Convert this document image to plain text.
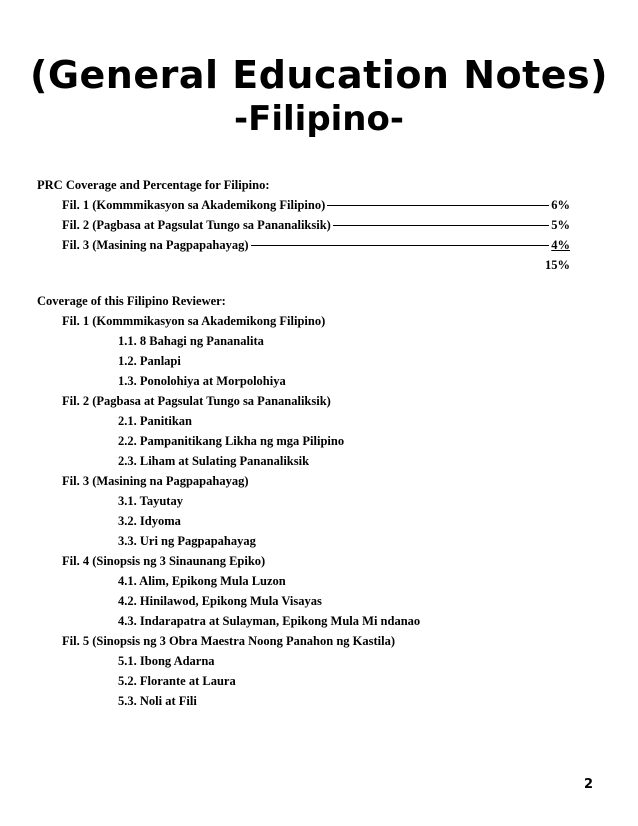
(General Education Notes)
-Filipino-
PRC Coverage and Percentage for Filipino:
Fil. 1 (Kommmikasyon sa Akademikong Filipino)	6%
Fil. 2 (Pagbasa at Pagsulat Tungo sa Pananaliksik)	5%
Fil. 3 (Masining na Pagpapahayag)	4%
15%
Coverage of this Filipino Reviewer:
Fil. 1 (Kommmikasyon sa Akademikong Filipino)
1.1. 8 Bahagi ng Pananalita
1.2. Panlapi
1.3. Ponolohiya at Morpolohiya
Fil. 2 (Pagbasa at Pagsulat Tungo sa Pananaliksik)
2.1. Panitikan
2.2. Pampanitikang Likha ng mga Pilipino
2.3. Liham at Sulating Pananaliksik
Fil. 3 (Masining na Pagpapahayag)
3.1. Tayutay
3.2. Idyoma
3.3. Uri ng Pagpapahayag
Fil. 4 (Sinopsis ng 3 Sinaunang Epiko)
4.1. Alim, Epikong Mula Luzon
4.2. Hinilawod, Epikong Mula Visayas
4.3. Indarapatra at Sulayman, Epikong Mula Mi ndanao
Fil. 5 (Sinopsis ng 3 Obra Maestra Noong Panahon ng Kastila)
5.1. Ibong Adarna
5.2. Florante at Laura
5.3. Noli at Fili
2
